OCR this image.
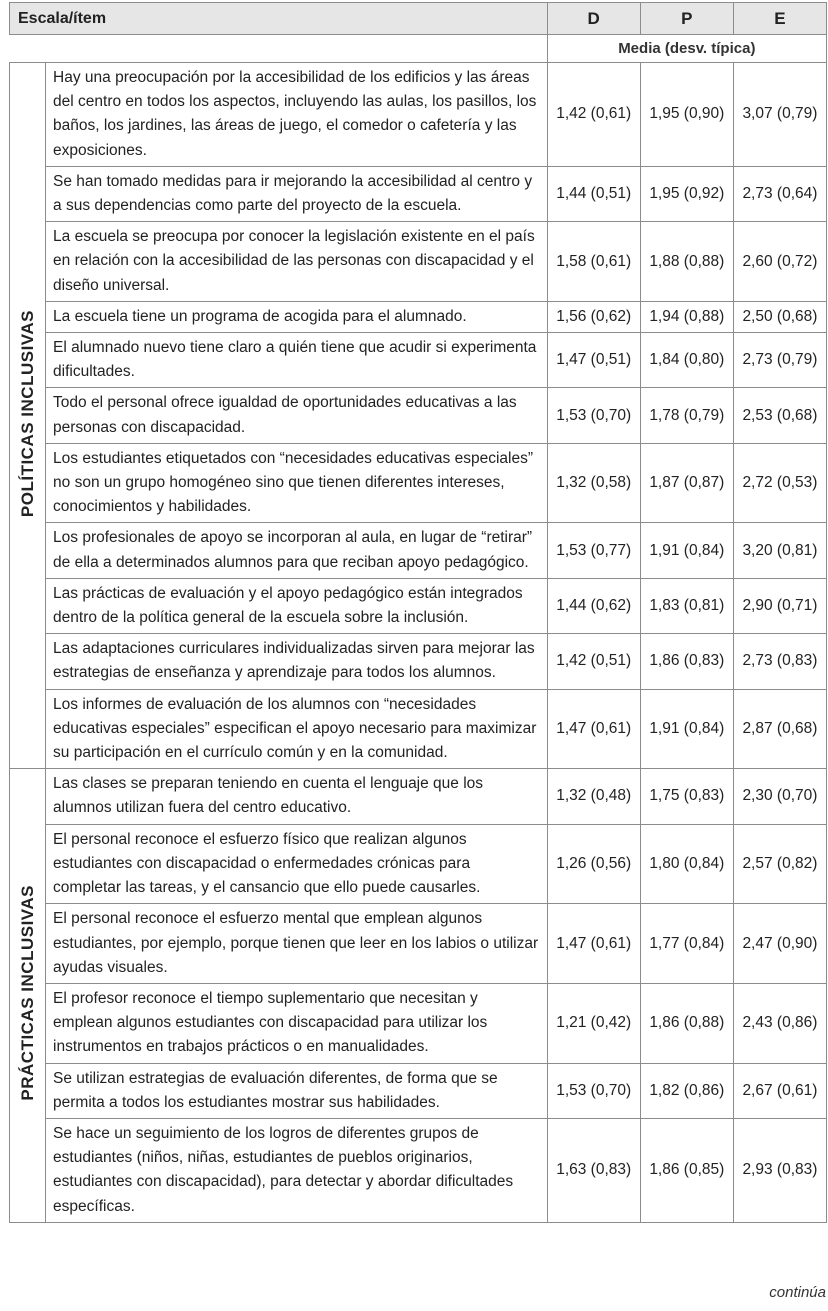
Escala/ítem		D	P	E
		Media (desv. típica)		
POLÍTICAS INCLUSIVAS	Hay una preocupación por la accesibilidad de los edificios y las áreas del centro en todos los aspectos, incluyendo las aulas, los pasillos, los baños, los jardines, las áreas de juego, el comedor o cafetería y las exposiciones.	1,42 (0,61)	1,95 (0,90)	3,07 (0,79)
	Se han tomado medidas para ir mejorando la accesibilidad al centro y a sus dependencias como parte del proyecto de la escuela.	1,44 (0,51)	1,95 (0,92)	2,73 (0,64)
	La escuela se preocupa por conocer la legislación existente en el país en relación con la accesibilidad de las personas con discapacidad y el diseño universal.	1,58 (0,61)	1,88 (0,88)	2,60 (0,72)
	La escuela tiene un programa de acogida para el alumnado.	1,56 (0,62)	1,94 (0,88)	2,50 (0,68)
	El alumnado nuevo tiene claro a quién tiene que acudir si experimenta dificultades.	1,47 (0,51)	1,84 (0,80)	2,73 (0,79)
	Todo el personal ofrece igualdad de oportunidades educativas a las personas con discapacidad.	1,53 (0,70)	1,78 (0,79)	2,53 (0,68)
	Los estudiantes etiquetados con “necesidades educativas especiales” no son un grupo homogéneo sino que tienen diferentes intereses, conocimientos y habilidades.	1,32 (0,58)	1,87 (0,87)	2,72 (0,53)
	Los profesionales de apoyo se incorporan al aula, en lugar de “retirar” de ella a determinados alumnos para que reciban apoyo pedagógico.	1,53 (0,77)	1,91 (0,84)	3,20 (0,81)
	Las prácticas de evaluación y el apoyo pedagógico están integrados dentro de la política general de la escuela sobre la inclusión.	1,44 (0,62)	1,83 (0,81)	2,90 (0,71)
	Las adaptaciones curriculares individualizadas sirven para mejorar las estrategias de enseñanza y aprendizaje para todos los alumnos.	1,42 (0,51)	1,86 (0,83)	2,73 (0,83)
	Los informes de evaluación de los alumnos con “necesidades educativas especiales” especifican el apoyo necesario para maximizar su participación en el currículo común y en la comunidad.	1,47 (0,61)	1,91 (0,84)	2,87 (0,68)
PRÁCTICAS INCLUSIVAS	Las clases se preparan teniendo en cuenta el lenguaje que los alumnos utilizan fuera del centro educativo.	1,32 (0,48)	1,75 (0,83)	2,30 (0,70)
	El personal reconoce el esfuerzo físico que realizan algunos estudiantes con discapacidad o enfermedades crónicas para completar las tareas, y el cansancio que ello puede causarles.	1,26 (0,56)	1,80 (0,84)	2,57 (0,82)
	El personal reconoce el esfuerzo mental que emplean algunos estudiantes, por ejemplo, porque tienen que leer en los labios o utilizar ayudas visuales.	1,47 (0,61)	1,77 (0,84)	2,47 (0,90)
	El profesor reconoce el tiempo suplementario que necesitan y emplean algunos estudiantes con discapacidad para utilizar los instrumentos en trabajos prácticos o en manualidades.	1,21 (0,42)	1,86 (0,88)	2,43 (0,86)
	Se utilizan estrategias de evaluación diferentes, de forma que se permita a todos los estudiantes mostrar sus habilidades.	1,53 (0,70)	1,82 (0,86)	2,67 (0,61)
	Se hace un seguimiento de los logros de diferentes grupos de estudiantes (niños, niñas, estudiantes de pueblos originarios, estudiantes con discapacidad), para detectar y abordar dificultades específicas.	1,63 (0,83)	1,86 (0,85)	2,93 (0,83)
continúa
